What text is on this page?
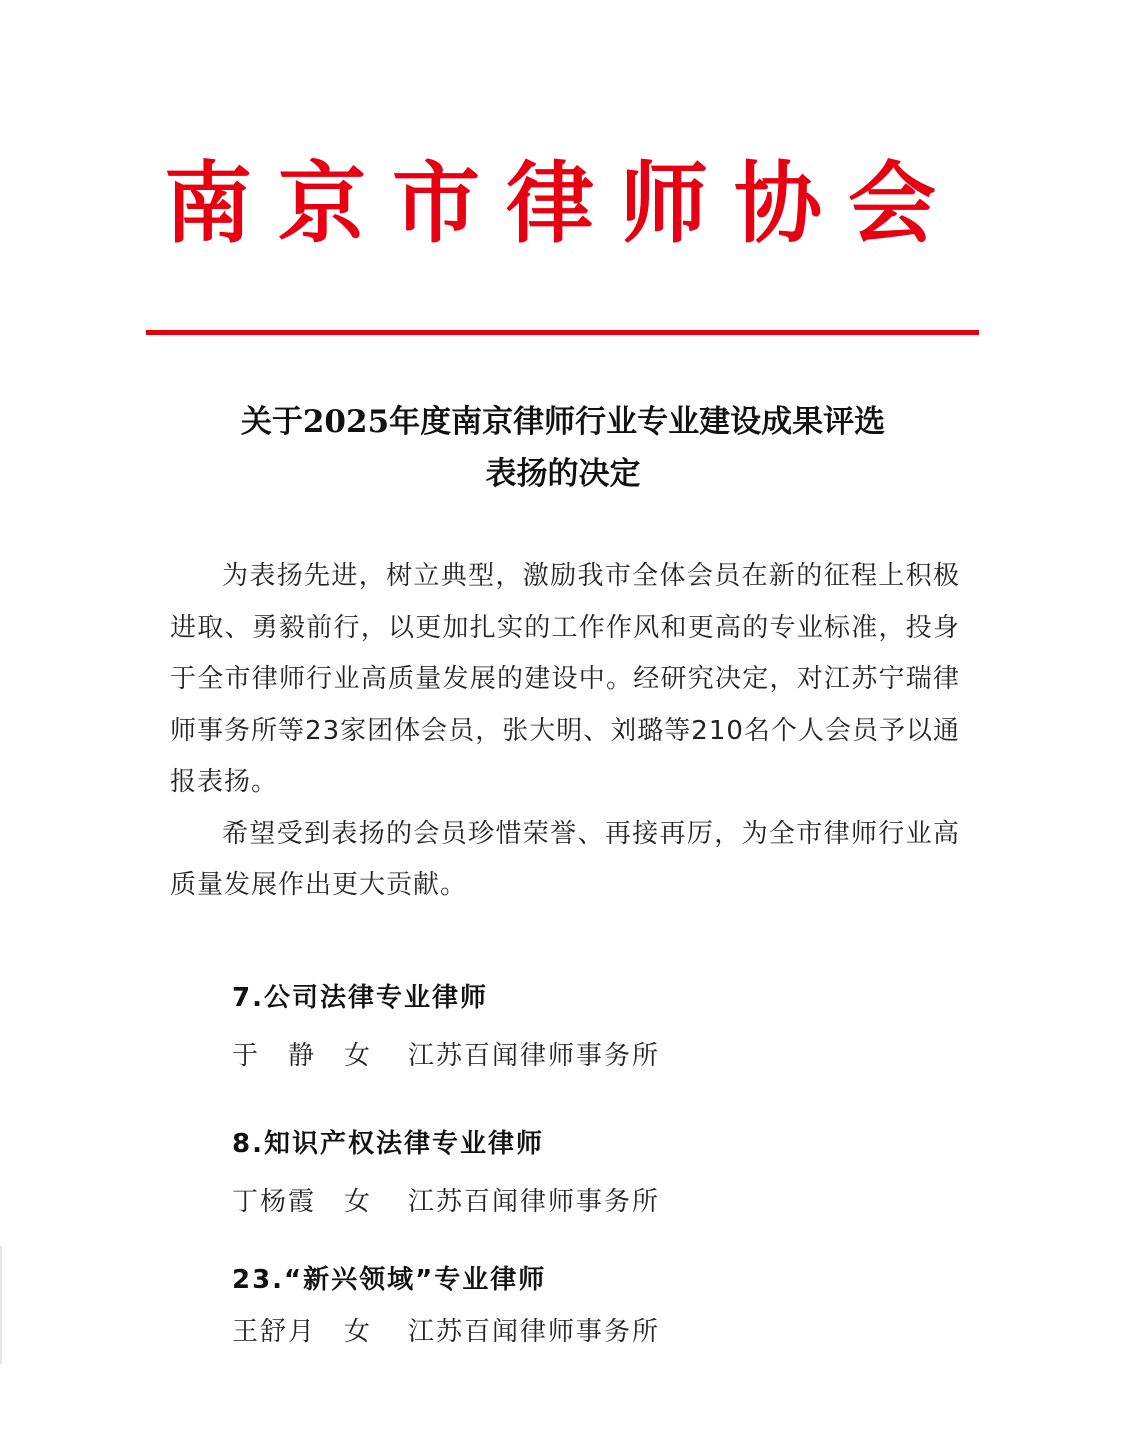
南京市律师协会
关于2025年度南京律师行业专业建设成果评选
表扬的决定

为表扬先进，树立典型，激励我市全体会员在新的征程上积极进取、勇毅前行，以更加扎实的工作作风和更高的专业标准，投身于全市律师行业高质量发展的建设中。经研究决定，对江苏宁瑞律师事务所等23家团体会员，张大明、刘璐等210名个人会员予以通报表扬。

希望受到表扬的会员珍惜荣誉、再接再厉，为全市律师行业高质量发展作出更大贡献。

7.公司法律专业律师
于　静 女 江苏百闻律师事务所
8.知识产权法律专业律师
丁杨霞 女 江苏百闻律师事务所
23.“新兴领域”专业律师
王舒月 女 江苏百闻律师事务所
